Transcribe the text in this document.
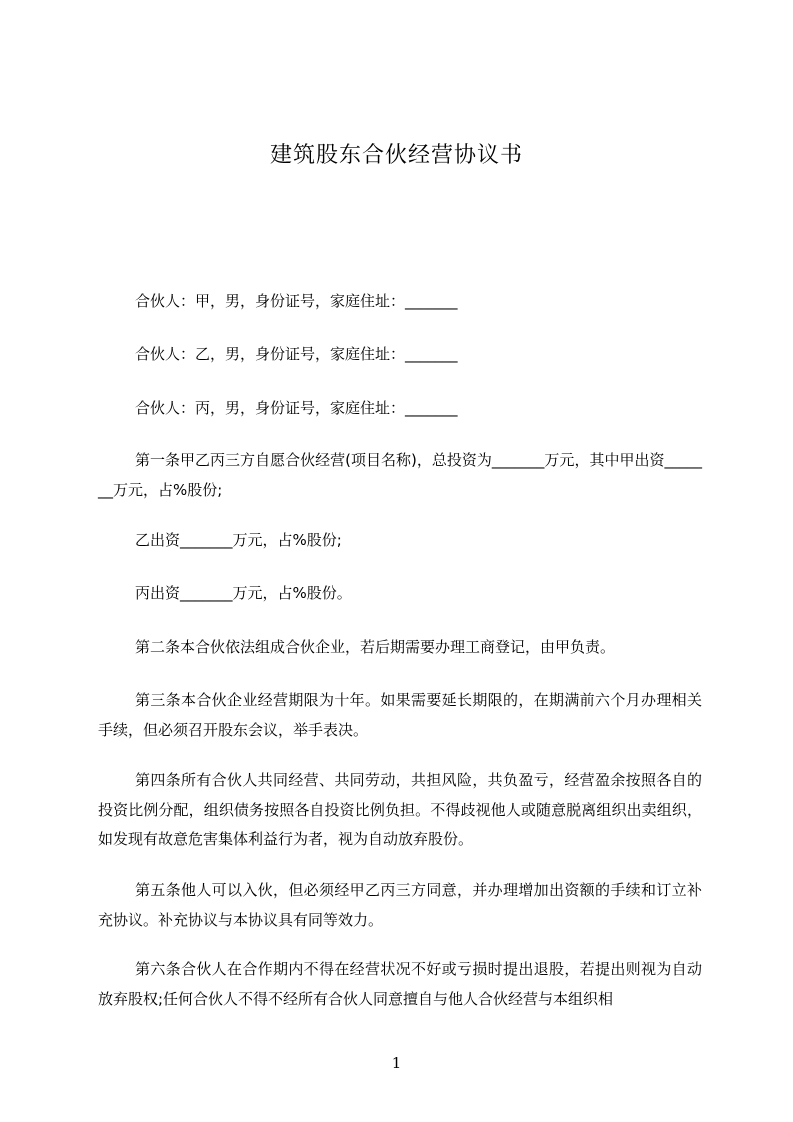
建筑股东合伙经营协议书

合伙人：甲，男，身份证号，家庭住址：_______

合伙人：乙，男，身份证号，家庭住址：_______

合伙人：丙，男，身份证号，家庭住址：_______

第一条甲乙丙三方自愿合伙经营(项目名称)，总投资为_______万元，其中甲出资_______万元，占%股份;

乙出资_______万元，占%股份;

丙出资_______万元，占%股份。

第二条本合伙依法组成合伙企业，若后期需要办理工商登记，由甲负责。

第三条本合伙企业经营期限为十年。如果需要延长期限的，在期满前六个月办理相关手续，但必须召开股东会议，举手表决。

第四条所有合伙人共同经营、共同劳动，共担风险，共负盈亏，经营盈余按照各自的投资比例分配，组织债务按照各自投资比例负担。不得歧视他人或随意脱离组织出卖组织，如发现有故意危害集体利益行为者，视为自动放弃股份。

第五条他人可以入伙，但必须经甲乙丙三方同意，并办理增加出资额的手续和订立补充协议。补充协议与本协议具有同等效力。

第六条合伙人在合作期内不得在经营状况不好或亏损时提出退股，若提出则视为自动放弃股权;任何合伙人不得不经所有合伙人同意擅自与他人合伙经营与本组织相

1
